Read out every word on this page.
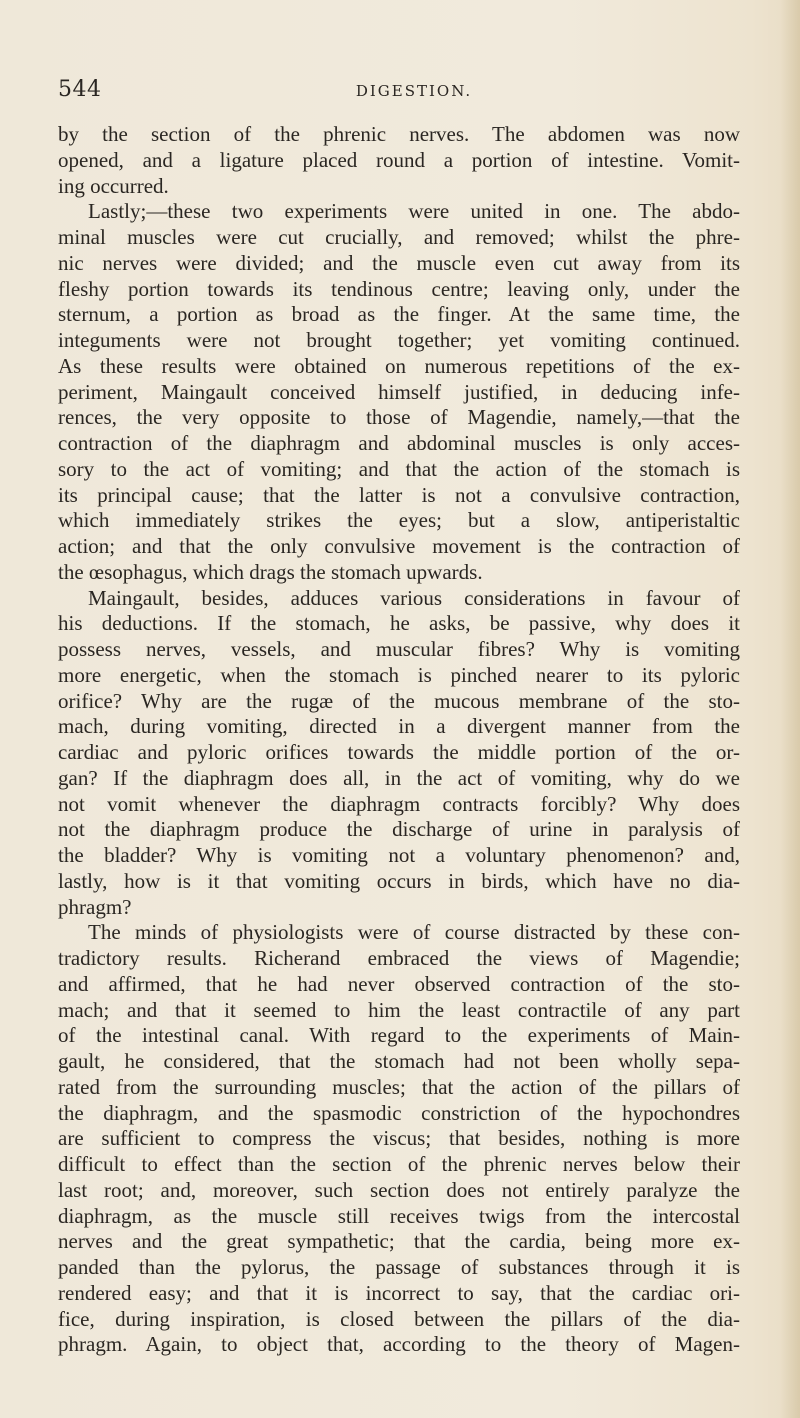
544	DIGESTION.
by the section of the phrenic nerves. The abdomen was now
opened, and a ligature placed round a portion of intestine. Vomit-
ing occurred.
Lastly;—these two experiments were united in one. The abdo-
minal muscles were cut crucially, and removed; whilst the phre-
nic nerves were divided; and the muscle even cut away from its
fleshy portion towards its tendinous centre; leaving only, under the
sternum, a portion as broad as the finger. At the same time, the
integuments were not brought together; yet vomiting continued.
As these results were obtained on numerous repetitions of the ex-
periment, Maingault conceived himself justified, in deducing infe-
rences, the very opposite to those of Magendie, namely,—that the
contraction of the diaphragm and abdominal muscles is only acces-
sory to the act of vomiting; and that the action of the stomach is
its principal cause; that the latter is not a convulsive contraction,
which immediately strikes the eyes; but a slow, antiperistaltic
action; and that the only convulsive movement is the contraction of
the œsophagus, which drags the stomach upwards.
Maingault, besides, adduces various considerations in favour of
his deductions. If the stomach, he asks, be passive, why does it
possess nerves, vessels, and muscular fibres? Why is vomiting
more energetic, when the stomach is pinched nearer to its pyloric
orifice? Why are the rugæ of the mucous membrane of the sto-
mach, during vomiting, directed in a divergent manner from the
cardiac and pyloric orifices towards the middle portion of the or-
gan? If the diaphragm does all, in the act of vomiting, why do we
not vomit whenever the diaphragm contracts forcibly? Why does
not the diaphragm produce the discharge of urine in paralysis of
the bladder? Why is vomiting not a voluntary phenomenon? and,
lastly, how is it that vomiting occurs in birds, which have no dia-
phragm?
The minds of physiologists were of course distracted by these con-
tradictory results. Richerand embraced the views of Magendie;
and affirmed, that he had never observed contraction of the sto-
mach; and that it seemed to him the least contractile of any part
of the intestinal canal. With regard to the experiments of Main-
gault, he considered, that the stomach had not been wholly sepa-
rated from the surrounding muscles; that the action of the pillars of
the diaphragm, and the spasmodic constriction of the hypochondres
are sufficient to compress the viscus; that besides, nothing is more
difficult to effect than the section of the phrenic nerves below their
last root; and, moreover, such section does not entirely paralyze the
diaphragm, as the muscle still receives twigs from the intercostal
nerves and the great sympathetic; that the cardia, being more ex-
panded than the pylorus, the passage of substances through it is
rendered easy; and that it is incorrect to say, that the cardiac ori-
fice, during inspiration, is closed between the pillars of the dia-
phragm. Again, to object that, according to the theory of Magen-
